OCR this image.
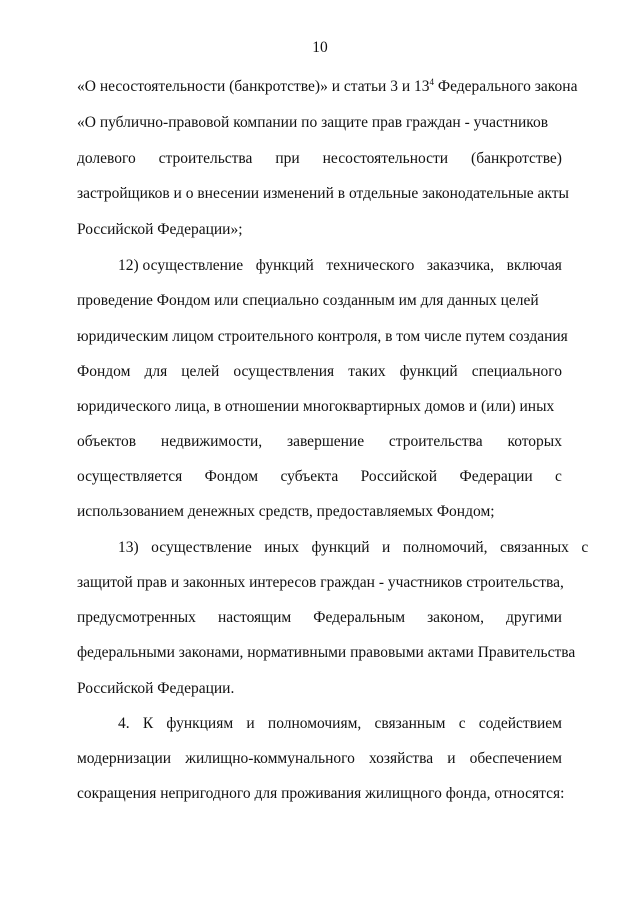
10
«О несостоятельности (банкротстве)» и статьи 3 и $13^4$ Федерального закона
«О публично-правовой компании по защите прав граждан - участников
долевого строительства при несостоятельности (банкротстве)
застройщиков и о внесении изменений в отдельные законодательные акты
Российской Федерации»;
12) осуществление функций технического заказчика, включая
проведение Фондом или специально созданным им для данных целей
юридическим лицом строительного контроля, в том числе путем создания
Фондом для целей осуществления таких функций специального
юридического лица, в отношении многоквартирных домов и (или) иных
объектов недвижимости, завершение строительства которых
осуществляется Фондом субъекта Российской Федерации с
использованием денежных средств, предоставляемых Фондом;
13) осуществление иных функций и полномочий, связанных с
защитой прав и законных интересов граждан - участников строительства,
предусмотренных настоящим Федеральным законом, другими
федеральными законами, нормативными правовыми актами Правительства
Российской Федерации.
4. К функциям и полномочиям, связанным с содействием
модернизации жилищно-коммунального хозяйства и обеспечением
сокращения непригодного для проживания жилищного фонда, относятся:
